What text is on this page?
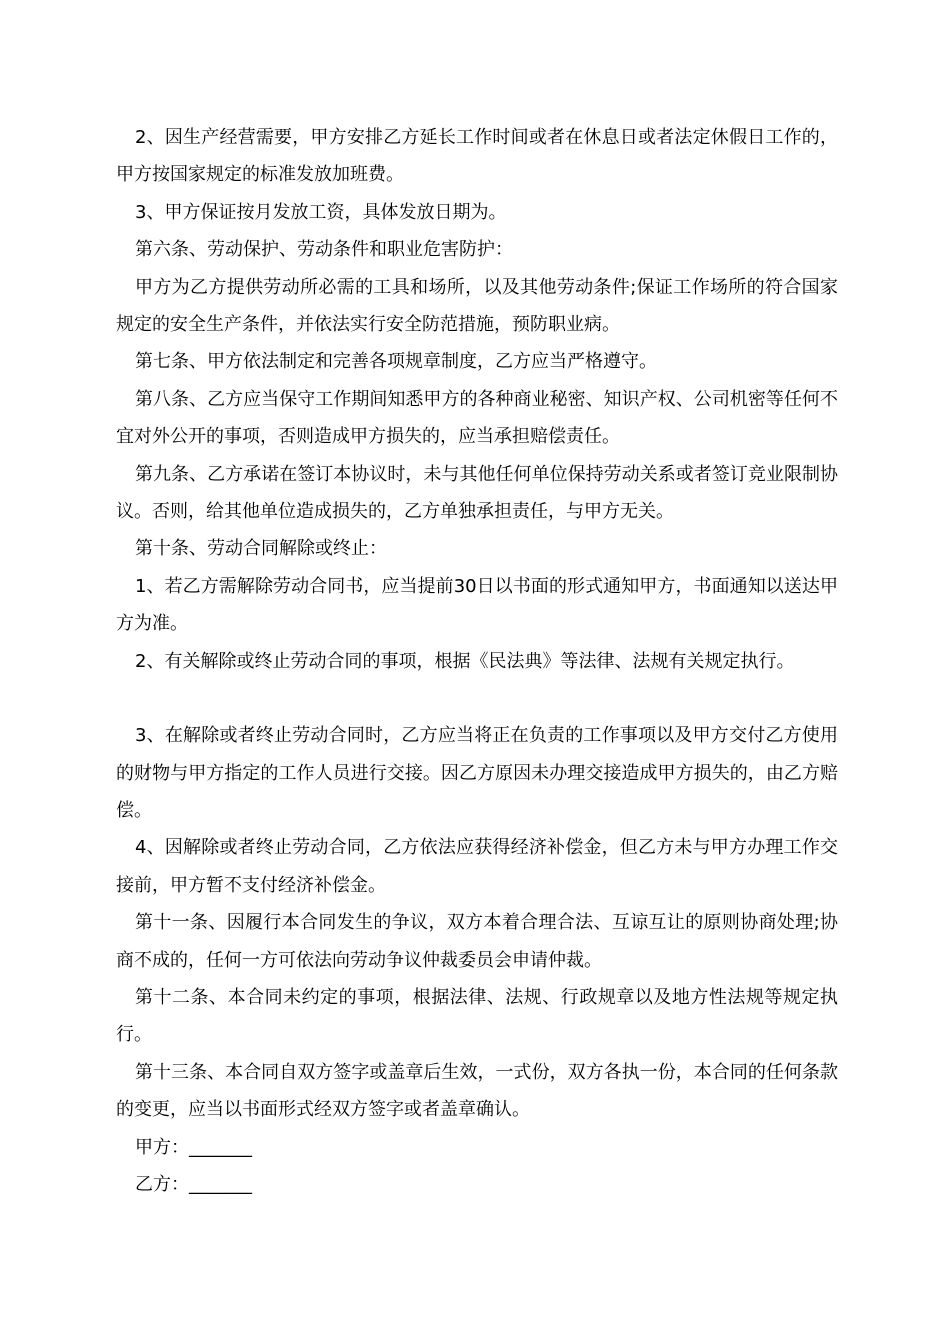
2、因生产经营需要，甲方安排乙方延长工作时间或者在休息日或者法定休假日工作的，甲方按国家规定的标准发放加班费。

3、甲方保证按月发放工资，具体发放日期为。

第六条、劳动保护、劳动条件和职业危害防护：

甲方为乙方提供劳动所必需的工具和场所，以及其他劳动条件;保证工作场所的符合国家规定的安全生产条件，并依法实行安全防范措施，预防职业病。

第七条、甲方依法制定和完善各项规章制度，乙方应当严格遵守。

第八条、乙方应当保守工作期间知悉甲方的各种商业秘密、知识产权、公司机密等任何不宜对外公开的事项，否则造成甲方损失的，应当承担赔偿责任。

第九条、乙方承诺在签订本协议时，未与其他任何单位保持劳动关系或者签订竞业限制协议。否则，给其他单位造成损失的，乙方单独承担责任，与甲方无关。

第十条、劳动合同解除或终止：

1、若乙方需解除劳动合同书，应当提前30日以书面的形式通知甲方，书面通知以送达甲方为准。

2、有关解除或终止劳动合同的事项，根据《民法典》等法律、法规有关规定执行。

3、在解除或者终止劳动合同时，乙方应当将正在负责的工作事项以及甲方交付乙方使用的财物与甲方指定的工作人员进行交接。因乙方原因未办理交接造成甲方损失的，由乙方赔偿。

4、因解除或者终止劳动合同，乙方依法应获得经济补偿金，但乙方未与甲方办理工作交接前，甲方暂不支付经济补偿金。

第十一条、因履行本合同发生的争议，双方本着合理合法、互谅互让的原则协商处理;协商不成的，任何一方可依法向劳动争议仲裁委员会申请仲裁。

第十二条、本合同未约定的事项，根据法律、法规、行政规章以及地方性法规等规定执行。

第十三条、本合同自双方签字或盖章后生效，一式份，双方各执一份，本合同的任何条款的变更，应当以书面形式经双方签字或者盖章确认。

甲方：_______

乙方：_______
